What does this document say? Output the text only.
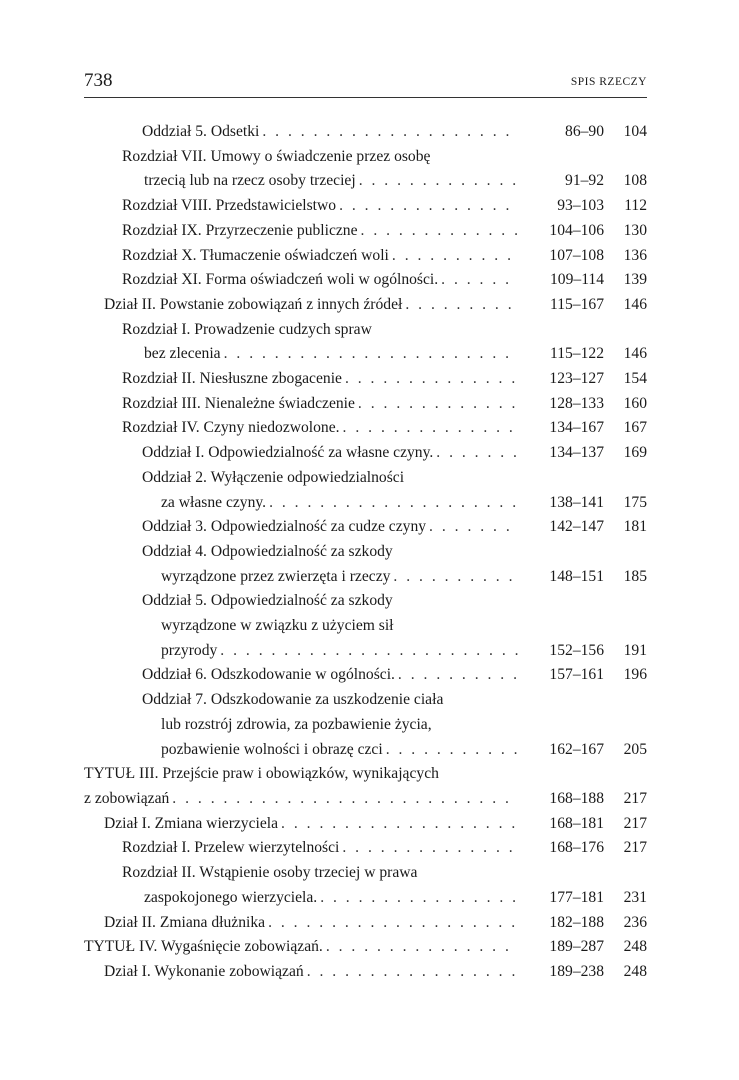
738	SPIS RZECZY
Oddział 5. Odsetki . . .	86–90	104
Rozdział VII. Umowy o świadczenie przez osobę
trzecią lub na rzecz osoby trzeciej . . .	91–92	108
Rozdział VIII. Przedstawicielstwo . . .	93–103	112
Rozdział IX. Przyrzeczenie publiczne . . .	104–106	130
Rozdział X. Tłumaczenie oświadczeń woli . . .	107–108	136
Rozdział XI. Forma oświadczeń woli w ogólności. . . .	109–114	139
Dział II. Powstanie zobowiązań z innych źródeł . . .	115–167	146
Rozdział I. Prowadzenie cudzych spraw
bez zlecenia . . .	115–122	146
Rozdział II. Niesłuszne zbogacenie . . .	123–127	154
Rozdział III. Nienależne świadczenie . . .	128–133	160
Rozdział IV. Czyny niedozwolone. . . .	134–167	167
Oddział I. Odpowiedzialność za własne czyny. . . .	134–137	169
Oddział 2. Wyłączenie odpowiedzialności
za własne czyny. . . .	138–141	175
Oddział 3. Odpowiedzialność za cudze czyny . . .	142–147	181
Oddział 4. Odpowiedzialność za szkody
wyrządzone przez zwierzęta i rzeczy . . .	148–151	185
Oddział 5. Odpowiedzialność za szkody
wyrządzone w związku z użyciem sił
przyrody . . .	152–156	191
Oddział 6. Odszkodowanie w ogólności. . . .	157–161	196
Oddział 7. Odszkodowanie za uszkodzenie ciała
lub rozstrój zdrowia, za pozbawienie życia,
pozbawienie wolności i obrazę czci . . .	162–167	205
TYTUŁ III. Przejście praw i obowiązków, wynikających
z zobowiązań . . .	168–188	217
Dział I. Zmiana wierzyciela . . .	168–181	217
Rozdział I. Przelew wierzytelności . . .	168–176	217
Rozdział II. Wstąpienie osoby trzeciej w prawa
zaspokojonego wierzyciela. . . .	177–181	231
Dział II. Zmiana dłużnika . . .	182–188	236
TYTUŁ IV. Wygaśnięcie zobowiązań. . . .	189–287	248
Dział I. Wykonanie zobowiązań . . .	189–238	248
